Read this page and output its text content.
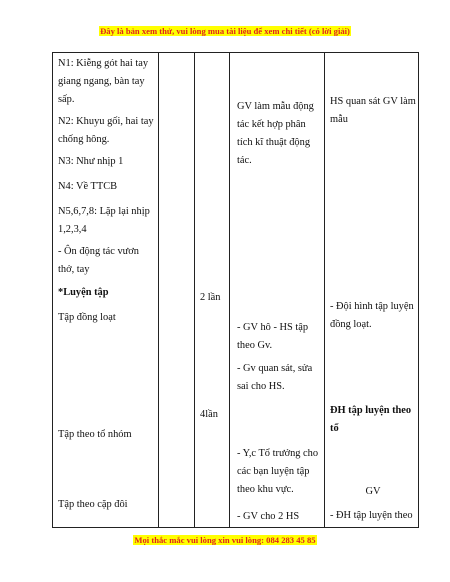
Đây là bản xem thử, vui lòng mua tài liệu để xem chi tiết (có lời giải)
N1: Kiễng gót hai tay giang ngang, bàn tay sấp.
N2: Khuyu gối, hai tay chống hông.
N3: Như nhịp 1
N4: Về TTCB
N5,6,7,8: Lặp lại nhịp 1,2,3,4
- Ôn động tác vươn thở, tay
*Luyện tập
Tập đồng loạt
Tập theo tổ nhóm
Tập theo cặp đôi
2 lần
4lần
GV làm mẫu động tác kết hợp phân tích kĩ thuật động tác.
- GV hô - HS tập theo Gv.
- Gv quan sát, sửa sai cho HS.
- Y,c Tổ trưởng cho các bạn luyện tập theo khu vực.
- GV cho 2 HS
HS quan sát GV làm mẫu
- Đội hình tập luyện đồng loạt.
ĐH tập luyện theo tổ
GV
- ĐH tập luyện theo
Mọi thắc mắc vui lòng xin vui lòng: 084 283 45 85
